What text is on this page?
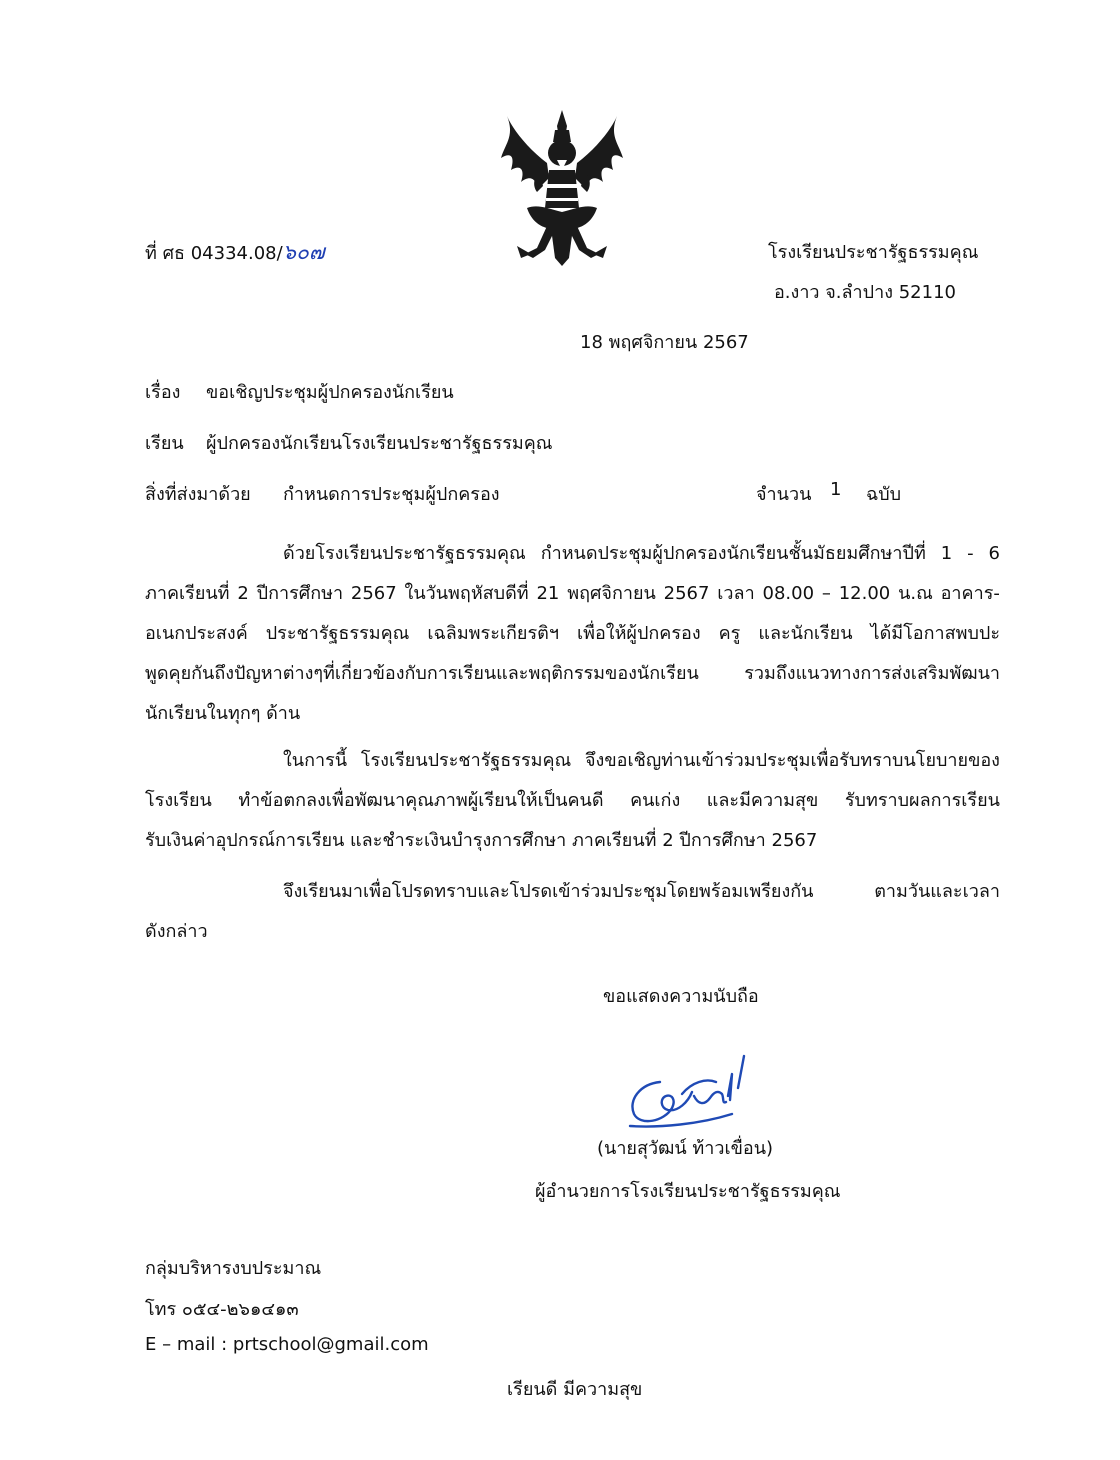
ที่ ศธ 04334.08/๖๐๗	โรงเรียนประชารัฐธรรมคุณ
อ.งาว จ.ลำปาง 52110
18 พฤศจิกายน 2567
เรื่อง ขอเชิญประชุมผู้ปกครองนักเรียน
เรียน ผู้ปกครองนักเรียนโรงเรียนประชารัฐธรรมคุณ
สิ่งที่ส่งมาด้วย กำหนดการประชุมผู้ปกครอง	จำนวน 1 ฉบับ
ด้วยโรงเรียนประชารัฐธรรมคุณ กำหนดประชุมผู้ปกครองนักเรียนชั้นมัธยมศึกษาปีที่ 1 - 6
ภาคเรียนที่ 2 ปีการศึกษา 2567 ในวันพฤหัสบดีที่ 21 พฤศจิกายน 2567 เวลา 08.00 – 12.00 น.ณ อาคาร-
อเนกประสงค์ ประชารัฐธรรมคุณ เฉลิมพระเกียรติฯ เพื่อให้ผู้ปกครอง ครู และนักเรียน ได้มีโอกาสพบปะ
พูดคุยกันถึงปัญหาต่างๆที่เกี่ยวข้องกับการเรียนและพฤติกรรมของนักเรียน	รวมถึงแนวทางการส่งเสริมพัฒนา
นักเรียนในทุกๆ ด้าน
ในการนี้ โรงเรียนประชารัฐธรรมคุณ จึงขอเชิญท่านเข้าร่วมประชุมเพื่อรับทราบนโยบายของ
โรงเรียน ทำข้อตกลงเพื่อพัฒนาคุณภาพผู้เรียนให้เป็นคนดี คนเก่ง และมีความสุข รับทราบผลการเรียน
รับเงินค่าอุปกรณ์การเรียน และชำระเงินบำรุงการศึกษา ภาคเรียนที่ 2 ปีการศึกษา 2567
จึงเรียนมาเพื่อโปรดทราบและโปรดเข้าร่วมประชุมโดยพร้อมเพรียงกัน	ตามวันและเวลา
ดังกล่าว
ขอแสดงความนับถือ
(นายสุวัฒน์ ท้าวเขื่อน)
ผู้อำนวยการโรงเรียนประชารัฐธรรมคุณ
กลุ่มบริหารงบประมาณ
โทร ๐๕๔-๒๖๑๔๑๓
E – mail : prtschool@gmail.com
เรียนดี มีความสุข
